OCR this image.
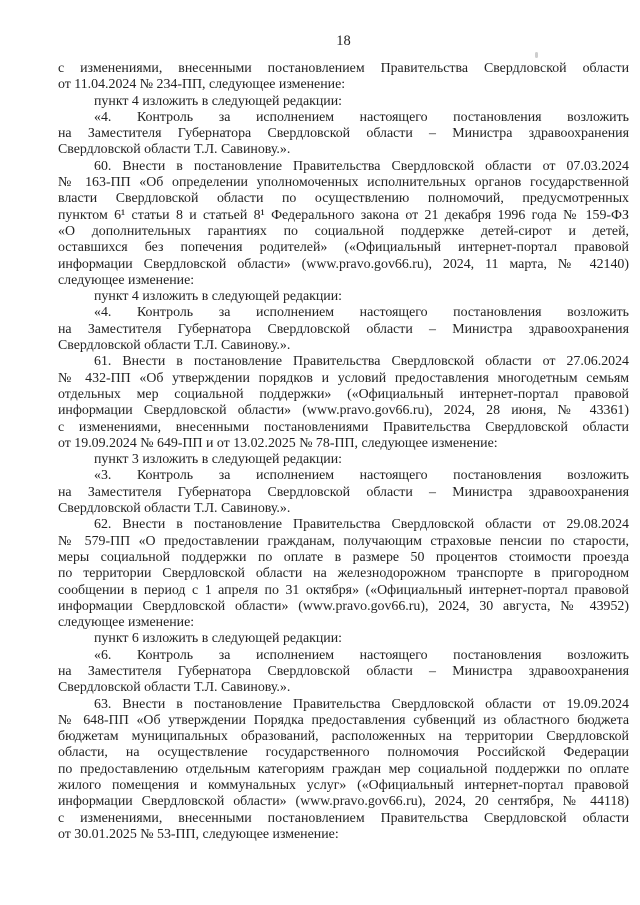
18
с изменениями, внесенными постановлением Правительства Свердловской области
от 11.04.2024 № 234-ПП, следующее изменение:
пункт 4 изложить в следующей редакции:
«4. Контроль за исполнением настоящего постановления возложить
на Заместителя Губернатора Свердловской области – Министра здравоохранения
Свердловской области Т.Л. Савинову.».
60. Внести в постановление Правительства Свердловской области от 07.03.2024
№ 163-ПП «Об определении уполномоченных исполнительных органов государственной
власти Свердловской области по осуществлению полномочий, предусмотренных
пунктом 6¹ статьи 8 и статьей 8¹ Федерального закона от 21 декабря 1996 года № 159-ФЗ
«О дополнительных гарантиях по социальной поддержке детей-сирот и детей,
оставшихся без попечения родителей» («Официальный интернет-портал правовой
информации Свердловской области» (www.pravo.gov66.ru), 2024, 11 марта, № 42140)
следующее изменение:
пункт 4 изложить в следующей редакции:
«4. Контроль за исполнением настоящего постановления возложить
на Заместителя Губернатора Свердловской области – Министра здравоохранения
Свердловской области Т.Л. Савинову.».
61. Внести в постановление Правительства Свердловской области от 27.06.2024
№ 432-ПП «Об утверждении порядков и условий предоставления многодетным семьям
отдельных мер социальной поддержки» («Официальный интернет-портал правовой
информации Свердловской области» (www.pravo.gov66.ru), 2024, 28 июня, № 43361)
с изменениями, внесенными постановлениями Правительства Свердловской области
от 19.09.2024 № 649-ПП и от 13.02.2025 № 78-ПП, следующее изменение:
пункт 3 изложить в следующей редакции:
«3. Контроль за исполнением настоящего постановления возложить
на Заместителя Губернатора Свердловской области – Министра здравоохранения
Свердловской области Т.Л. Савинову.».
62. Внести в постановление Правительства Свердловской области от 29.08.2024
№ 579-ПП «О предоставлении гражданам, получающим страховые пенсии по старости,
меры социальной поддержки по оплате в размере 50 процентов стоимости проезда
по территории Свердловской области на железнодорожном транспорте в пригородном
сообщении в период с 1 апреля по 31 октября» («Официальный интернет-портал правовой
информации Свердловской области» (www.pravo.gov66.ru), 2024, 30 августа, № 43952)
следующее изменение:
пункт 6 изложить в следующей редакции:
«6. Контроль за исполнением настоящего постановления возложить
на Заместителя Губернатора Свердловской области – Министра здравоохранения
Свердловской области Т.Л. Савинову.».
63. Внести в постановление Правительства Свердловской области от 19.09.2024
№ 648-ПП «Об утверждении Порядка предоставления субвенций из областного бюджета
бюджетам муниципальных образований, расположенных на территории Свердловской
области, на осуществление государственного полномочия Российской Федерации
по предоставлению отдельным категориям граждан мер социальной поддержки по оплате
жилого помещения и коммунальных услуг» («Официальный интернет-портал правовой
информации Свердловской области» (www.pravo.gov66.ru), 2024, 20 сентября, № 44118)
с изменениями, внесенными постановлением Правительства Свердловской области
от 30.01.2025 № 53-ПП, следующее изменение:
